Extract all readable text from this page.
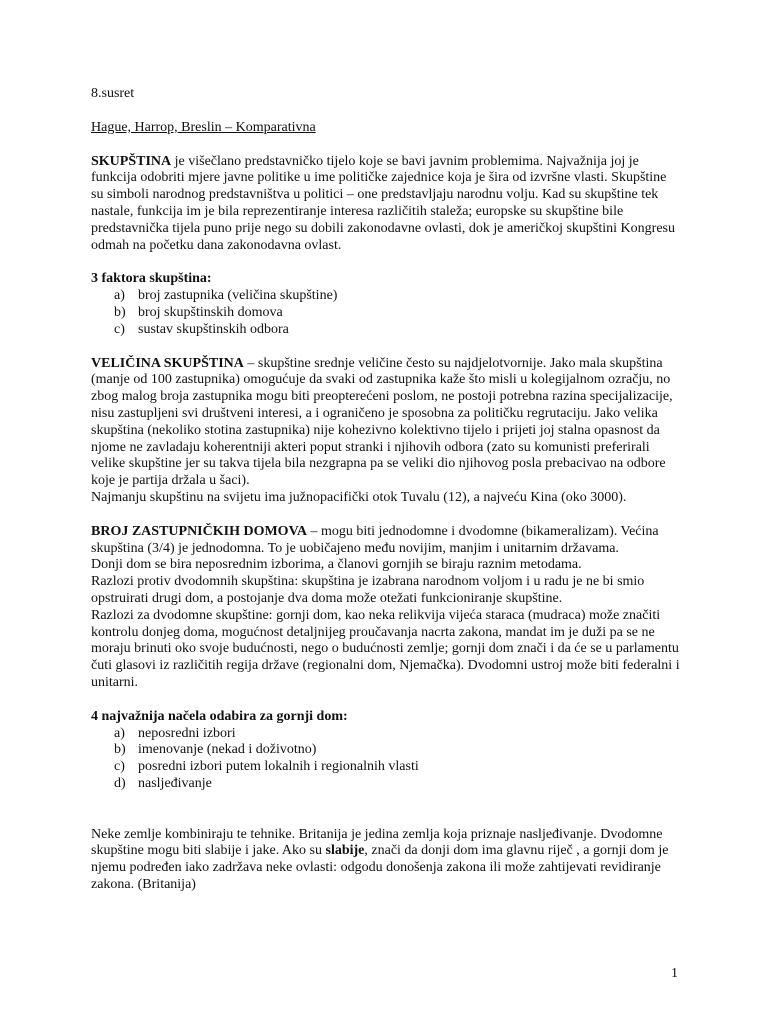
8.susret

Hague, Harrop, Breslin – Komparativna

SKUPŠTINA je višečlano predstavničko tijelo koje se bavi javnim problemima. Najvažnija joj je funkcija odobriti mjere javne politike u ime političke zajednice koja je šira od izvršne vlasti. Skupštine su simboli narodnog predstavništva u politici – one predstavljaju narodnu volju. Kad su skupštine tek nastale, funkcija im je bila reprezentiranje interesa različitih staleža; europske su skupštine bile predstavnička tijela puno prije nego su dobili zakonodavne ovlasti, dok je američkoj skupštini Kongresu odmah na početku dana zakonodavna ovlast.

3 faktora skupština:

a) broj zastupnika (veličina skupštine)
b) broj skupštinskih domova
c) sustav skupštinskih odbora

VELIČINA SKUPŠTINA – skupštine srednje veličine često su najdjelotvornije. Jako mala skupština (manje od 100 zastupnika) omogućuje da svaki od zastupnika kaže što misli u kolegijalnom ozračju, no zbog malog broja zastupnika mogu biti preopterećeni poslom, ne postoji potrebna razina specijalizacije, nisu zastupljeni svi društveni interesi, a i ograničeno je sposobna za političku regrutaciju. Jako velika skupština (nekoliko stotina zastupnika) nije kohezivno kolektivno tijelo i prijeti joj stalna opasnost da njome ne zavladaju koherentniji akteri poput stranki i njihovih odbora (zato su komunisti preferirali velike skupštine jer su takva tijela bila nezgrapna pa se veliki dio njihovog posla prebacivao na odbore koje je partija držala u šaci).

Najmanju skupštinu na svijetu ima južnopacifički otok Tuvalu (12), a najveću Kina (oko 3000).

BROJ ZASTUPNIČKIH DOMOVA – mogu biti jednodomne i dvodomne (bikameralizam). Većina skupština (3/4) je jednodomna. To je uobičajeno među novijim, manjim i unitarnim državama.

Donji dom se bira neposrednim izborima, a članovi gornjih se biraju raznim metodama.

Razlozi protiv dvodomnih skupština: skupština je izabrana narodnom voljom i u radu je ne bi smio opstruirati drugi dom, a postojanje dva doma može otežati funkcioniranje skupštine.

Razlozi za dvodomne skupštine: gornji dom, kao neka relikvija vijeća staraca (mudraca) može značiti kontrolu donjeg doma, mogućnost detaljnijeg proučavanja nacrta zakona, mandat im je duži pa se ne moraju brinuti oko svoje budućnosti, nego o budućnosti zemlje; gornji dom znači i da će se u parlamentu čuti glasovi iz različitih regija države (regionalni dom, Njemačka). Dvodomni ustroj može biti federalni i unitarni.

4 najvažnija načela odabira za gornji dom:

a) neposredni izbori
b) imenovanje (nekad i doživotno)
c) posredni izbori putem lokalnih i regionalnih vlasti
d) nasljeđivanje

Neke zemlje kombiniraju te tehnike. Britanija je jedina zemlja koja priznaje nasljeđivanje. Dvodomne skupštine mogu biti slabije i jake. Ako su slabije, znači da donji dom ima glavnu riječ , a gornji dom je njemu podređen iako zadržava neke ovlasti: odgodu donošenja zakona ili može zahtijevati revidiranje zakona. (Britanija)

1
